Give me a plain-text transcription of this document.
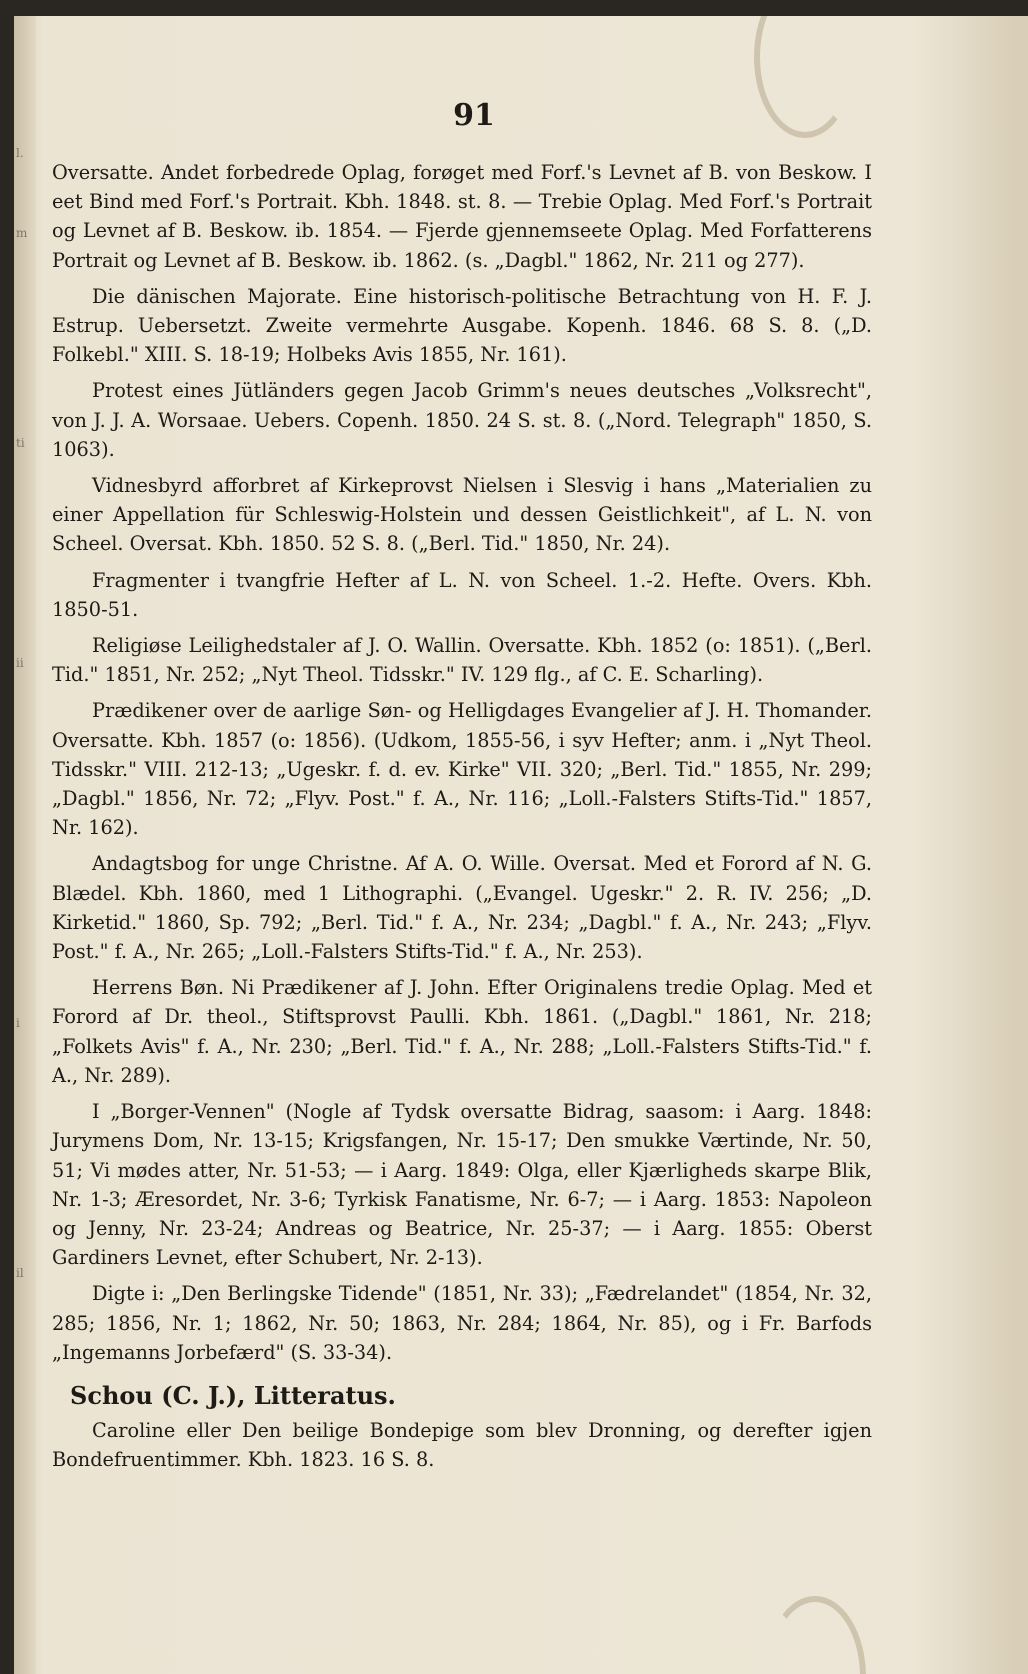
l.
m
ti
ii
i
il
91

Oversatte. Andet forbedrede Oplag, forøget med Forf.'s Levnet af B. von Beskow. I eet Bind med Forf.'s Portrait. Kbh. 1848. st. 8. — Trebie Oplag. Med Forf.'s Portrait og Levnet af B. Beskow. ib. 1854. — Fjerde gjennemseete Oplag. Med Forfatterens Portrait og Levnet af B. Beskow. ib. 1862. (s. „Dagbl." 1862, Nr. 211 og 277).

Die dänischen Majorate. Eine historisch-politische Betrachtung von H. F. J. Estrup. Uebersetzt. Zweite vermehrte Ausgabe. Kopenh. 1846. 68 S. 8. („D. Folkebl." XIII. S. 18-19; Holbeks Avis 1855, Nr. 161).

Protest eines Jütländers gegen Jacob Grimm's neues deutsches „Volksrecht", von J. J. A. Worsaae. Uebers. Copenh. 1850. 24 S. st. 8. („Nord. Telegraph" 1850, S. 1063).

Vidnesbyrd afforbret af Kirkeprovst Nielsen i Slesvig i hans „Materialien zu einer Appellation für Schleswig-Holstein und dessen Geistlichkeit", af L. N. von Scheel. Oversat. Kbh. 1850. 52 S. 8. („Berl. Tid." 1850, Nr. 24).

Fragmenter i tvangfrie Hefter af L. N. von Scheel. 1.-2. Hefte. Overs. Kbh. 1850-51.

Religiøse Leilighedstaler af J. O. Wallin. Oversatte. Kbh. 1852 (o: 1851). („Berl. Tid." 1851, Nr. 252; „Nyt Theol. Tidsskr." IV. 129 flg., af C. E. Scharling).

Prædikener over de aarlige Søn- og Helligdages Evangelier af J. H. Thomander. Oversatte. Kbh. 1857 (o: 1856). (Udkom, 1855-56, i syv Hefter; anm. i „Nyt Theol. Tidsskr." VIII. 212-13; „Ugeskr. f. d. ev. Kirke" VII. 320; „Berl. Tid." 1855, Nr. 299; „Dagbl." 1856, Nr. 72; „Flyv. Post." f. A., Nr. 116; „Loll.-Falsters Stifts-Tid." 1857, Nr. 162).

Andagtsbog for unge Christne. Af A. O. Wille. Oversat. Med et Forord af N. G. Blædel. Kbh. 1860, med 1 Lithographi. („Evangel. Ugeskr." 2. R. IV. 256; „D. Kirketid." 1860, Sp. 792; „Berl. Tid." f. A., Nr. 234; „Dagbl." f. A., Nr. 243; „Flyv. Post." f. A., Nr. 265; „Loll.-Falsters Stifts-Tid." f. A., Nr. 253).

Herrens Bøn. Ni Prædikener af J. John. Efter Originalens tredie Oplag. Med et Forord af Dr. theol., Stiftsprovst Paulli. Kbh. 1861. („Dagbl." 1861, Nr. 218; „Folkets Avis" f. A., Nr. 230; „Berl. Tid." f. A., Nr. 288; „Loll.-Falsters Stifts-Tid." f. A., Nr. 289).

I „Borger-Vennen" (Nogle af Tydsk oversatte Bidrag, saasom: i Aarg. 1848: Jurymens Dom, Nr. 13-15; Krigsfangen, Nr. 15-17; Den smukke Værtinde, Nr. 50, 51; Vi mødes atter, Nr. 51-53; — i Aarg. 1849: Olga, eller Kjærligheds skarpe Blik, Nr. 1-3; Æresordet, Nr. 3-6; Tyrkisk Fanatisme, Nr. 6-7; — i Aarg. 1853: Napoleon og Jenny, Nr. 23-24; Andreas og Beatrice, Nr. 25-37; — i Aarg. 1855: Oberst Gardiners Levnet, efter Schubert, Nr. 2-13).

Digte i: „Den Berlingske Tidende" (1851, Nr. 33); „Fædrelandet" (1854, Nr. 32, 285; 1856, Nr. 1; 1862, Nr. 50; 1863, Nr. 284; 1864, Nr. 85), og i Fr. Barfods „Ingemanns Jorbefærd" (S. 33-34).

Schou (C. J.), Litteratus.

Caroline eller Den beilige Bondepige som blev Dronning, og derefter igjen Bondefruentimmer. Kbh. 1823. 16 S. 8.
